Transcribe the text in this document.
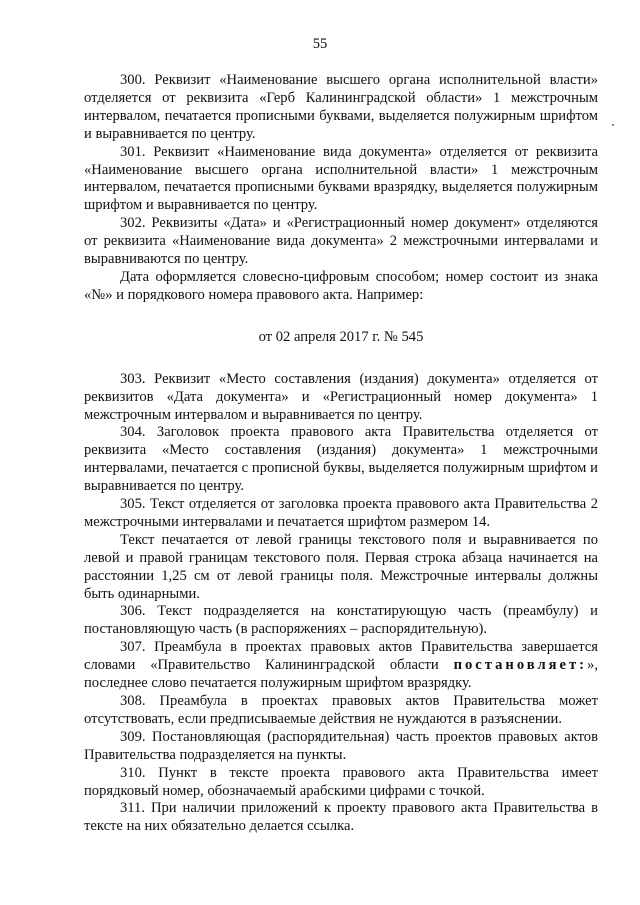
55

300. Реквизит «Наименование высшего органа исполнительной власти» отделяется от реквизита «Герб Калининградской области» 1 межстрочным интервалом, печатается прописными буквами, выделяется полужирным шрифтом и выравнивается по центру.

301. Реквизит «Наименование вида документа» отделяется от реквизита «Наименование высшего органа исполнительной власти» 1 межстрочным интервалом, печатается прописными буквами вразрядку, выделяется полужирным шрифтом и выравнивается по центру.

302. Реквизиты «Дата» и «Регистрационный номер документ» отделяются от реквизита «Наименование вида документа» 2 межстрочными интервалами и выравниваются по центру.

Дата оформляется словесно-цифровым способом; номер состоит из знака «№» и порядкового номера правового акта. Например:

от 02 апреля 2017 г. № 545

303. Реквизит «Место составления (издания) документа» отделяется от реквизитов «Дата документа» и «Регистрационный номер документа» 1 межстрочным интервалом и выравнивается по центру.

304. Заголовок проекта правового акта Правительства отделяется от реквизита «Место составления (издания) документа» 1 межстрочными интервалами, печатается с прописной буквы, выделяется полужирным шрифтом и выравнивается по центру.

305. Текст отделяется от заголовка проекта правового акта Правительства 2 межстрочными интервалами и печатается шрифтом размером 14.

Текст печатается от левой границы текстового поля и выравнивается по левой и правой границам текстового поля. Первая строка абзаца начинается на расстоянии 1,25 см от левой границы поля. Межстрочные интервалы должны быть одинарными.

306. Текст подразделяется на констатирующую часть (преамбулу) и постановляющую часть (в распоряжениях – распорядительную).

307. Преамбула в проектах правовых актов Правительства завершается словами «Правительство Калининградской области постановляет:», последнее слово печатается полужирным шрифтом вразрядку.

308. Преамбула в проектах правовых актов Правительства может отсутствовать, если предписываемые действия не нуждаются в разъяснении.

309. Постановляющая (распорядительная) часть проектов правовых актов Правительства подразделяется на пункты.

310. Пункт в тексте проекта правового акта Правительства имеет порядковый номер, обозначаемый арабскими цифрами с точкой.

311. При наличии приложений к проекту правового акта Правительства в тексте на них обязательно делается ссылка.
